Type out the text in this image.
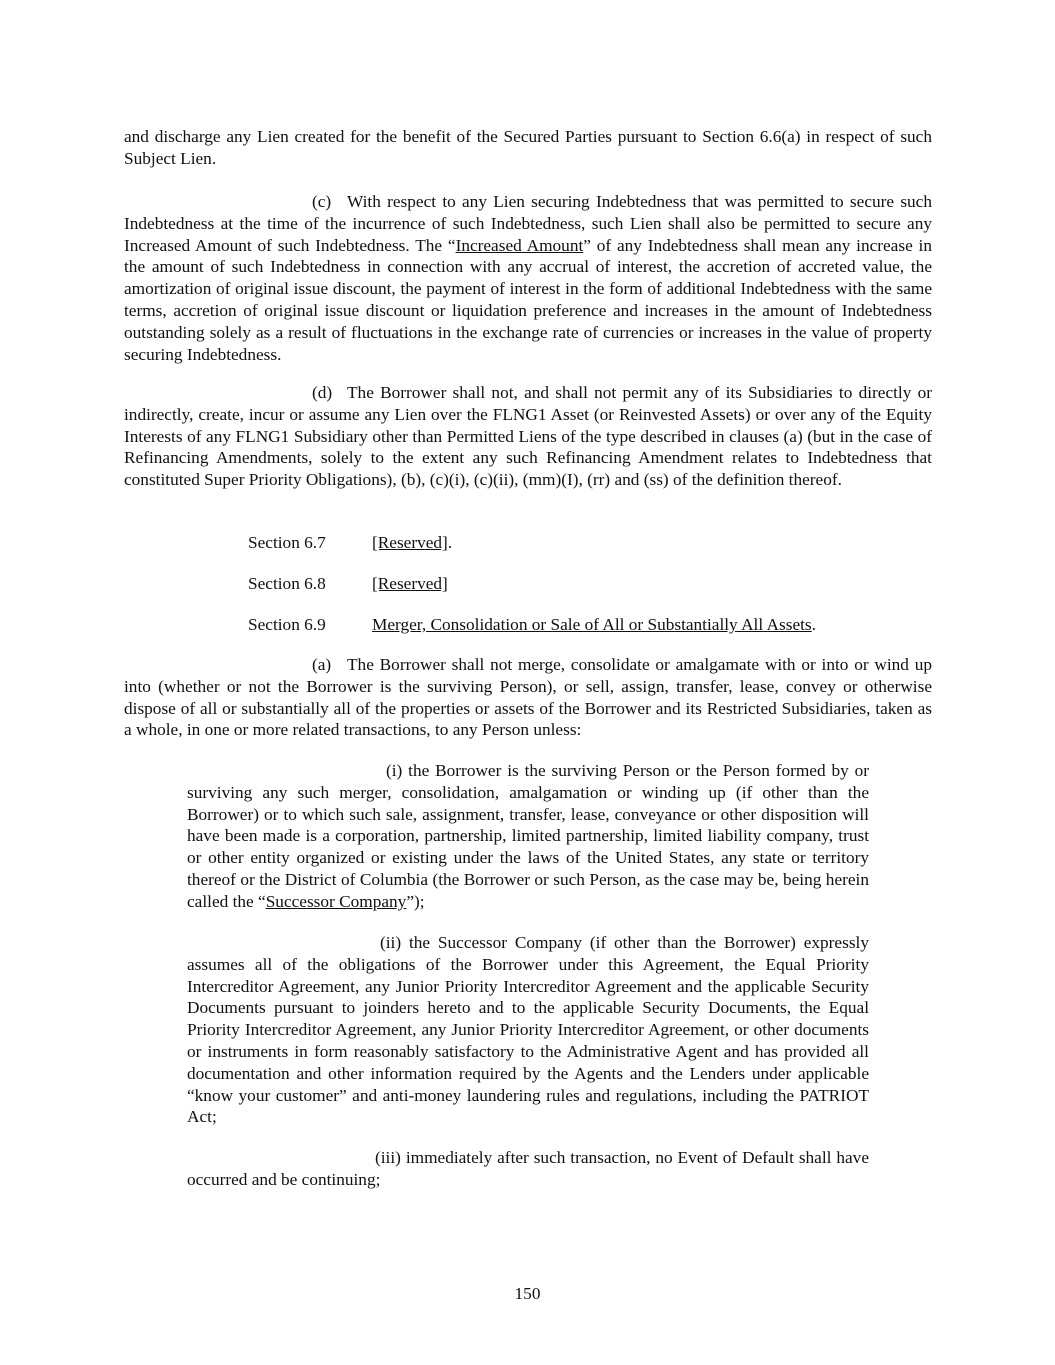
and discharge any Lien created for the benefit of the Secured Parties pursuant to Section 6.6(a) in respect of such Subject Lien.

(c) With respect to any Lien securing Indebtedness that was permitted to secure such Indebtedness at the time of the incurrence of such Indebtedness, such Lien shall also be permitted to secure any Increased Amount of such Indebtedness. The “Increased Amount” of any Indebtedness shall mean any increase in the amount of such Indebtedness in connection with any accrual of interest, the accretion of accreted value, the amortization of original issue discount, the payment of interest in the form of additional Indebtedness with the same terms, accretion of original issue discount or liquidation preference and increases in the amount of Indebtedness outstanding solely as a result of fluctuations in the exchange rate of currencies or increases in the value of property securing Indebtedness.

(d) The Borrower shall not, and shall not permit any of its Subsidiaries to directly or indirectly, create, incur or assume any Lien over the FLNG1 Asset (or Reinvested Assets) or over any of the Equity Interests of any FLNG1 Subsidiary other than Permitted Liens of the type described in clauses (a) (but in the case of Refinancing Amendments, solely to the extent any such Refinancing Amendment relates to Indebtedness that constituted Super Priority Obligations), (b), (c)(i), (c)(ii), (mm)(I), (rr) and (ss) of the definition thereof.

Section 6.7	[Reserved].

Section 6.8	[Reserved]

Section 6.9	Merger, Consolidation or Sale of All or Substantially All Assets.

(a) The Borrower shall not merge, consolidate or amalgamate with or into or wind up into (whether or not the Borrower is the surviving Person), or sell, assign, transfer, lease, convey or otherwise dispose of all or substantially all of the properties or assets of the Borrower and its Restricted Subsidiaries, taken as a whole, in one or more related transactions, to any Person unless:

(i) the Borrower is the surviving Person or the Person formed by or surviving any such merger, consolidation, amalgamation or winding up (if other than the Borrower) or to which such sale, assignment, transfer, lease, conveyance or other disposition will have been made is a corporation, partnership, limited partnership, limited liability company, trust or other entity organized or existing under the laws of the United States, any state or territory thereof or the District of Columbia (the Borrower or such Person, as the case may be, being herein called the “Successor Company”);

(ii) the Successor Company (if other than the Borrower) expressly assumes all of the obligations of the Borrower under this Agreement, the Equal Priority Intercreditor Agreement, any Junior Priority Intercreditor Agreement and the applicable Security Documents pursuant to joinders hereto and to the applicable Security Documents, the Equal Priority Intercreditor Agreement, any Junior Priority Intercreditor Agreement, or other documents or instruments in form reasonably satisfactory to the Administrative Agent and has provided all documentation and other information required by the Agents and the Lenders under applicable “know your customer” and anti-money laundering rules and regulations, including the PATRIOT Act;

(iii) immediately after such transaction, no Event of Default shall have occurred and be continuing;

150
